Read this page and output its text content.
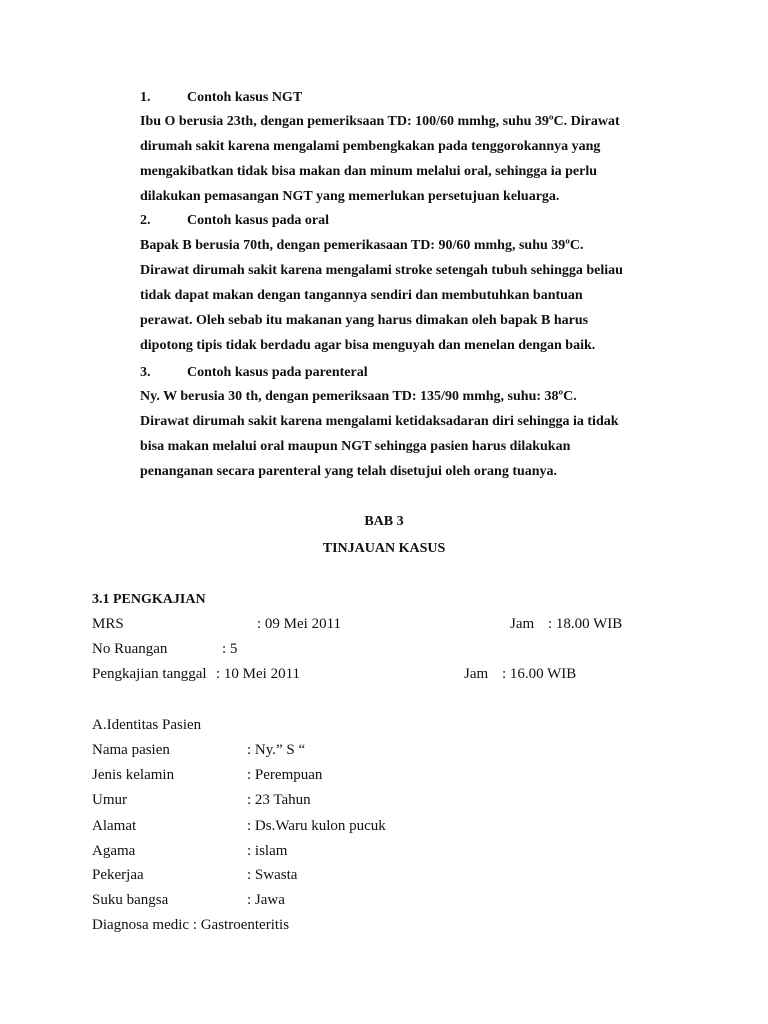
1.	Contoh kasus NGT
Ibu O berusia 23th, dengan pemeriksaan TD: 100/60 mmhg, suhu 39ºC. Dirawat
dirumah sakit karena mengalami pembengkakan pada tenggorokannya yang
mengakibatkan tidak bisa makan dan minum melalui oral, sehingga ia perlu
dilakukan pemasangan NGT yang memerlukan persetujuan keluarga.
2.	Contoh kasus pada oral
Bapak B berusia 70th, dengan pemerikasaan TD: 90/60 mmhg, suhu 39ºC.
Dirawat dirumah sakit karena mengalami stroke setengah tubuh sehingga beliau
tidak dapat makan dengan tangannya sendiri dan membutuhkan bantuan
perawat. Oleh sebab itu makanan yang harus dimakan oleh bapak B harus
dipotong tipis tidak berdadu agar bisa menguyah dan menelan dengan baik.
3.	Contoh kasus pada parenteral
Ny. W berusia 30 th, dengan pemeriksaan TD: 135/90 mmhg, suhu: 38ºC.
Dirawat dirumah sakit karena mengalami ketidaksadaran diri sehingga ia tidak
bisa makan melalui oral maupun NGT sehingga pasien harus dilakukan
penanganan secara parenteral yang telah disetujui oleh orang tuanya.
BAB 3
TINJAUAN KASUS
3.1 PENGKAJIAN
MRS	: 09 Mei 2011	Jam : 18.00 WIB
No Ruangan	: 5
Pengkajian tanggal : 10 Mei 2011	Jam : 16.00 WIB
A.Identitas Pasien
Nama pasien	: Ny.” S “
Jenis kelamin	: Perempuan
Umur	: 23 Tahun
Alamat	: Ds.Waru kulon pucuk
Agama	: islam
Pekerjaa	: Swasta
Suku bangsa	: Jawa
Diagnosa medic : Gastroenteritis
